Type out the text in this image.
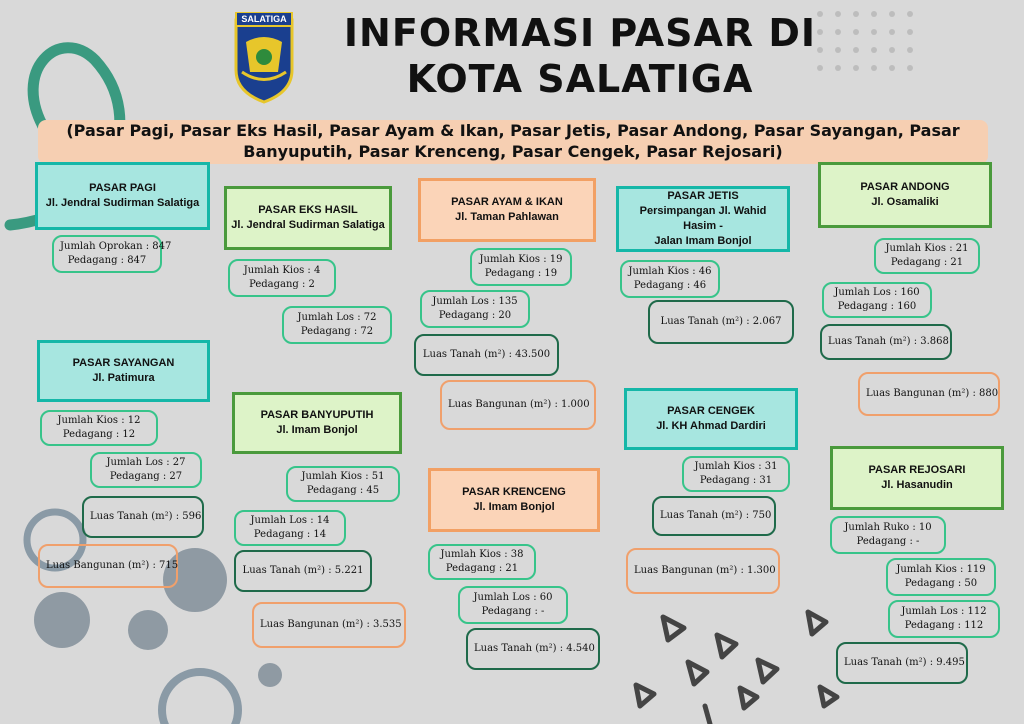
SALATIGA	INFORMASI PASAR DI
KOTA SALATIGA
(Pasar Pagi, Pasar Eks Hasil, Pasar Ayam & Ikan, Pasar Jetis, Pasar Andong, Pasar Sayangan, Pasar
Banyuputih, Pasar Krenceng, Pasar Cengek, Pasar Rejosari)
PASAR PAGI
Jl. Jendral Sudirman Salatiga
Jumlah Oprokan : 847
Pedagang : 847
PASAR EKS HASIL
Jl. Jendral Sudirman Salatiga
Jumlah Kios : 4
Pedagang : 2
Jumlah Los : 72
Pedagang : 72
PASAR AYAM & IKAN
Jl. Taman Pahlawan
Jumlah Kios : 19
Pedagang : 19
Jumlah Los : 135
Pedagang : 20
Luas Tanah (m²) : 43.500
Luas Bangunan (m²) : 1.000
PASAR JETIS
Persimpangan Jl. Wahid Hasim -
Jalan Imam Bonjol
Jumlah Kios : 46
Pedagang : 46
Luas Tanah (m²) : 2.067
PASAR ANDONG
Jl. Osamaliki
Jumlah Kios : 21
Pedagang : 21
Jumlah Los : 160
Pedagang : 160
Luas Tanah (m²) : 3.868
Luas Bangunan (m²) : 880
PASAR SAYANGAN
Jl. Patimura
Jumlah Kios : 12
Pedagang : 12
Jumlah Los : 27
Pedagang : 27
Luas Tanah (m²) : 596
Luas Bangunan (m²) : 715
PASAR BANYUPUTIH
Jl. Imam Bonjol
Jumlah Kios : 51
Pedagang : 45
Jumlah Los : 14
Pedagang : 14
Luas Tanah (m²) : 5.221
Luas Bangunan (m²) : 3.535
PASAR KRENCENG
Jl. Imam Bonjol
Jumlah Kios : 38
Pedagang : 21
Jumlah Los : 60
Pedagang : -
Luas Tanah (m²) : 4.540
PASAR CENGEK
Jl. KH Ahmad Dardiri
Jumlah Kios : 31
Pedagang : 31
Luas Tanah (m²) : 750
Luas Bangunan (m²) : 1.300
PASAR REJOSARI
Jl. Hasanudin
Jumlah Ruko : 10
Pedagang : -
Jumlah Kios : 119
Pedagang : 50
Jumlah Los : 112
Pedagang : 112
Luas Tanah (m²) : 9.495
